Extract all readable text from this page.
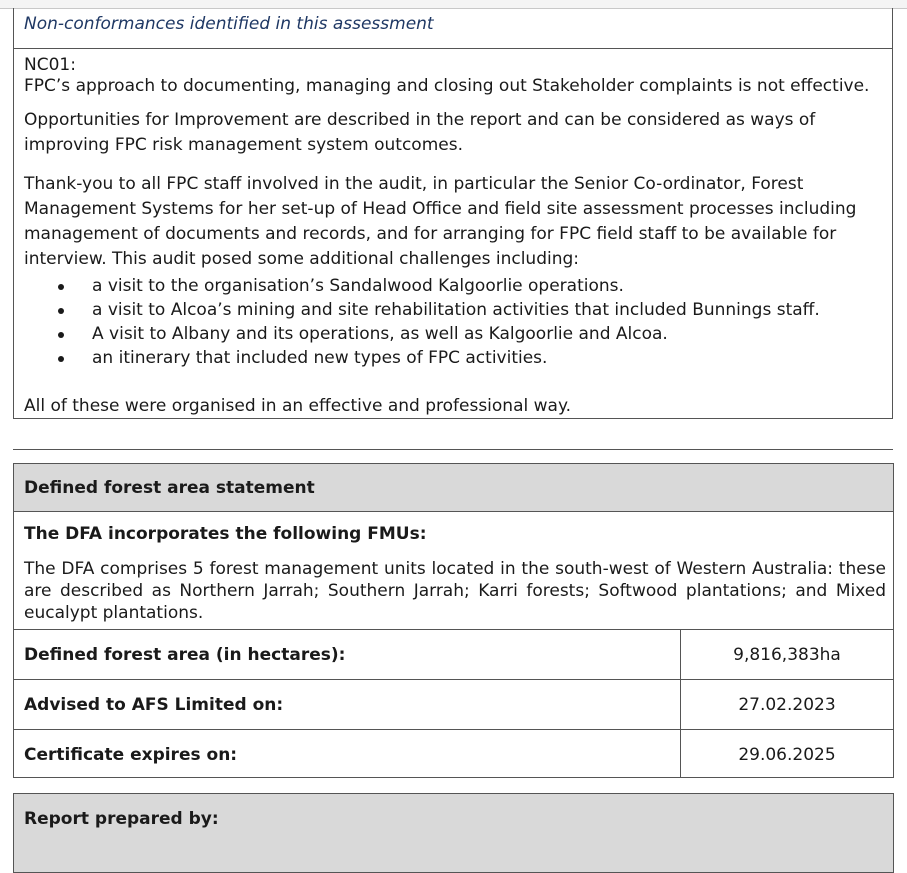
Non-conformances identified in this assessment
NC01:
FPC’s approach to documenting, managing and closing out Stakeholder complaints is not effective.
Opportunities for Improvement are described in the report and can be considered as ways of improving FPC risk management system outcomes.
Thank-you to all FPC staff involved in the audit, in particular the Senior Co-ordinator, Forest Management Systems for her set-up of Head Office and field site assessment processes including management of documents and records, and for arranging for FPC field staff to be available for interview. This audit posed some additional challenges including:
a visit to the organisation’s Sandalwood Kalgoorlie operations.
a visit to Alcoa’s mining and site rehabilitation activities that included Bunnings staff.
A visit to Albany and its operations, as well as Kalgoorlie and Alcoa.
an itinerary that included new types of FPC activities.
All of these were organised in an effective and professional way.
Defined forest area statement
The DFA incorporates the following FMUs:
The DFA comprises 5 forest management units located in the south-west of Western Australia: these are described as Northern Jarrah; Southern Jarrah; Karri forests; Softwood plantations; and Mixed eucalypt plantations.
Defined forest area (in hectares):	9,816,383ha
Advised to AFS Limited on:	27.02.2023
Certificate expires on:	29.06.2025
Report prepared by:
